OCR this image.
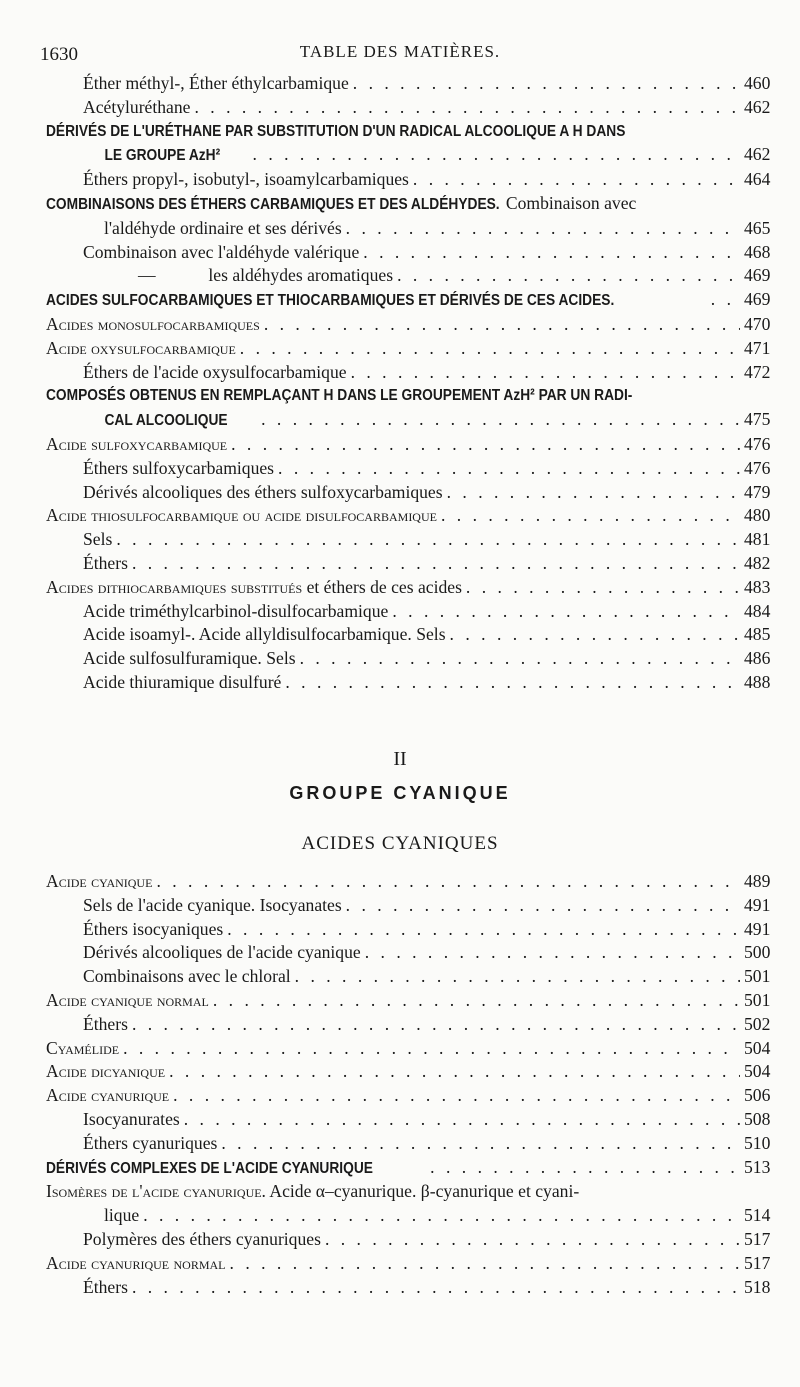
1630	TABLE DES MATIÈRES.
Éther méthyl-, Éther éthylcarbamique . . .	460
Acétyluréthane . . .	462
DÉRIVÉS DE L'URÉTHANE PAR SUBSTITUTION D'UN RADICAL ALCOOLIQUE A H DANS
LE GROUPE AzH² . . .	462
Éthers propyl-, isobutyl-, isoamylcarbamiques . . .	464
COMBINAISONS DES ÉTHERS CARBAMIQUES ET DES ALDÉHYDES. Combinaison avec
l'aldéhyde ordinaire et ses dérivés . . .	465
Combinaison avec l'aldéhyde valérique . . .	468
—            les aldéhydes aromatiques . . .	469
ACIDES SULFOCARBAMIQUES ET THIOCARBAMIQUES ET DÉRIVÉS DE CES ACIDES. . . .	469
Acides monosulfocarbamiques . . .	470
Acide oxysulfocarbamique . . .	471
Éthers de l'acide oxysulfocarbamique . . .	472
COMPOSÉS OBTENUS EN REMPLAÇANT H DANS LE GROUPEMENT AzH² PAR UN RADI-
CAL ALCOOLIQUE . . .	475
Acide sulfoxycarbamique . . .	476
Éthers sulfoxycarbamiques . . .	476
Dérivés alcooliques des éthers sulfoxycarbamiques . . .	479
Acide thiosulfocarbamique ou acide disulfocarbamique . . .	480
Sels . . .	481
Éthers . . .	482
Acides dithiocarbamiques substitués et éthers de ces acides . . .	483
Acide triméthylcarbinol-disulfocarbamique . . .	484
Acide isoamyl-. Acide allyldisulfocarbamique. Sels . . .	485
Acide sulfosulfuramique. Sels . . .	486
Acide thiuramique disulfuré . . .	488
II
GROUPE CYANIQUE
ACIDES CYANIQUES
Acide cyanique . . .	489
Sels de l'acide cyanique. Isocyanates . . .	491
Éthers isocyaniques . . .	491
Dérivés alcooliques de l'acide cyanique . . .	500
Combinaisons avec le chloral . . .	501
Acide cyanique normal . . .	501
Éthers . . .	502
Cyamélide . . .	504
Acide dicyanique . . .	504
Acide cyanurique . . .	506
Isocyanurates . . .	508
Éthers cyanuriques . . .	510
DÉRIVÉS COMPLEXES DE L'ACIDE CYANURIQUE . . .	513
Isomères de l'acide cyanurique. Acide α–cyanurique. β-cyanurique et cyani-
lique . . .	514
Polymères des éthers cyanuriques . . .	517
Acide cyanurique normal . . .	517
Éthers . . .	518
